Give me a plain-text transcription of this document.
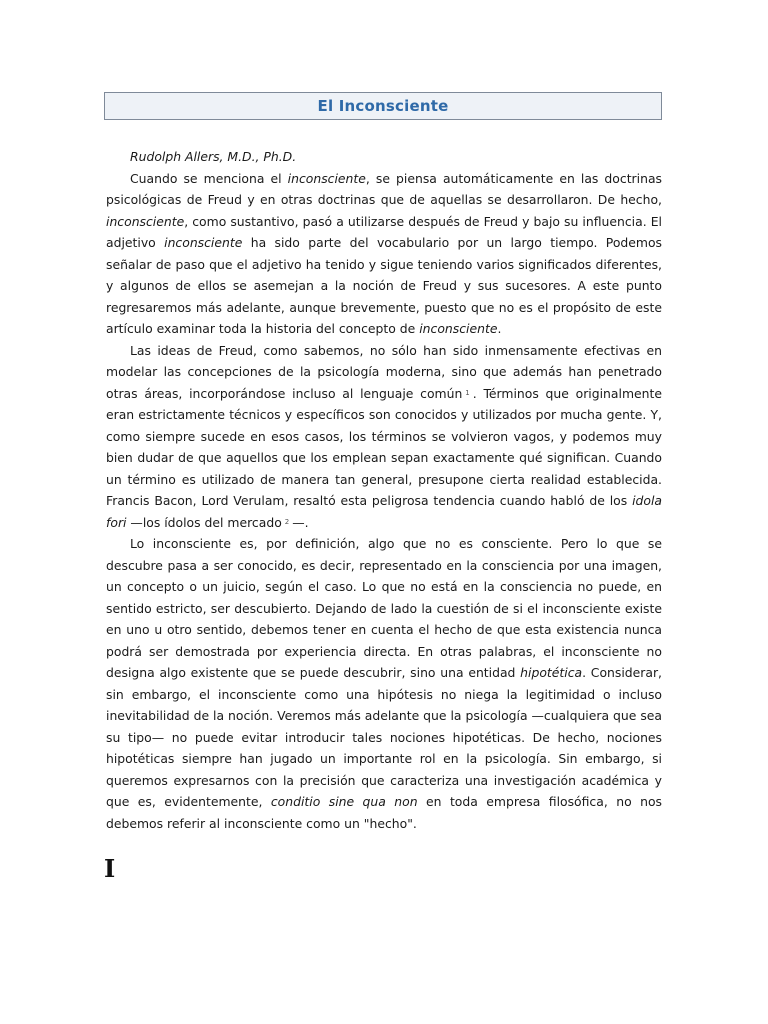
El Inconsciente

Rudolph Allers, M.D., Ph.D.

Cuando se menciona el inconsciente, se piensa automáticamente en las doctrinas psicológicas de Freud y en otras doctrinas que de aquellas se desarrollaron. De hecho, inconsciente, como sustantivo, pasó a utilizarse después de Freud y bajo su influencia. El adjetivo inconsciente ha sido parte del vocabulario por un largo tiempo. Podemos señalar de paso que el adjetivo ha tenido y sigue teniendo varios significados diferentes, y algunos de ellos se asemejan a la noción de Freud y sus sucesores. A este punto regresaremos más adelante, aunque brevemente, puesto que no es el propósito de este artículo examinar toda la historia del concepto de inconsciente.

Las ideas de Freud, como sabemos, no sólo han sido inmensamente efectivas en modelar las concepciones de la psicología moderna, sino que además han penetrado otras áreas, incorporándose incluso al lenguaje común $^1$ . Términos que originalmente eran estrictamente técnicos y específicos son conocidos y utilizados por mucha gente. Y, como siempre sucede en esos casos, los términos se volvieron vagos, y podemos muy bien dudar de que aquellos que los emplean sepan exactamente qué significan. Cuando un término es utilizado de manera tan general, presupone cierta realidad establecida. Francis Bacon, Lord Verulam, resaltó esta peligrosa tendencia cuando habló de los idola fori —los ídolos del mercado $^2$ —.

Lo inconsciente es, por definición, algo que no es consciente. Pero lo que se descubre pasa a ser conocido, es decir, representado en la consciencia por una imagen, un concepto o un juicio, según el caso. Lo que no está en la consciencia no puede, en sentido estricto, ser descubierto. Dejando de lado la cuestión de si el inconsciente existe en uno u otro sentido, debemos tener en cuenta el hecho de que esta existencia nunca podrá ser demostrada por experiencia directa. En otras palabras, el inconsciente no designa algo existente que se puede descubrir, sino una entidad hipotética. Considerar, sin embargo, el inconsciente como una hipótesis no niega la legitimidad o incluso inevitabilidad de la noción. Veremos más adelante que la psicología —cualquiera que sea su tipo— no puede evitar introducir tales nociones hipotéticas. De hecho, nociones hipotéticas siempre han jugado un importante rol en la psicología. Sin embargo, si queremos expresarnos con la precisión que caracteriza una investigación académica y que es, evidentemente, conditio sine qua non en toda empresa filosófica, no nos debemos referir al inconsciente como un "hecho".

I
